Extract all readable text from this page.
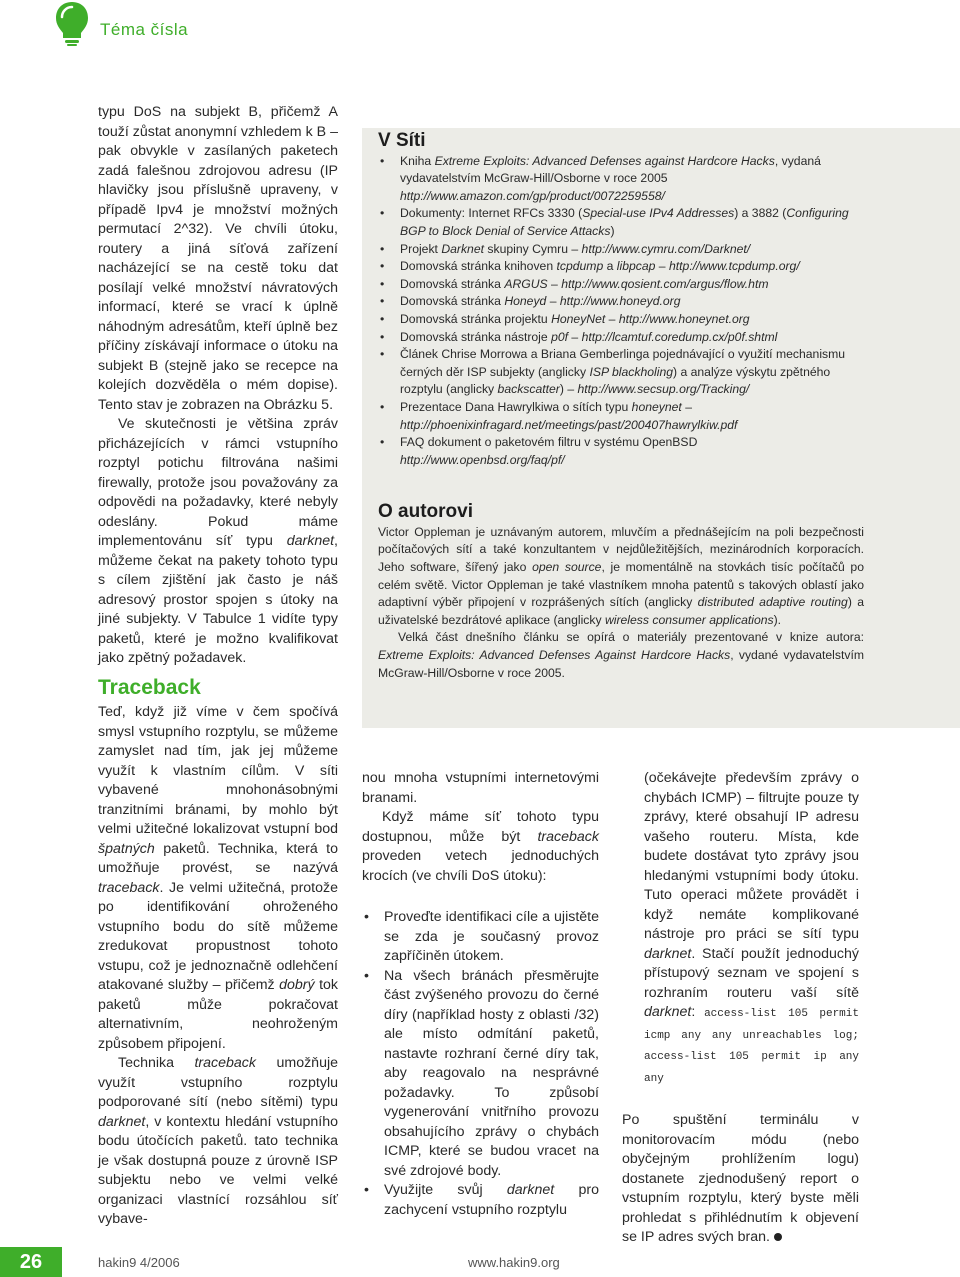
Téma čísla

typu DoS na subjekt B, přičemž A touží zůstat anonymní vzhledem k B – pak obvykle v zasílaných paketech zadá falešnou zdrojovou adresu (IP hlavičky jsou příslušně upraveny, v případě Ipv4 je množství možných permutací 2^32). Ve chvíli útoku, routery a jiná síťová zařízení nacházející se na cestě toku dat posílají velké množství návratových informací, které se vrací k úplně náhodným adresátům, kteří úplně bez příčiny získávají informace o útoku na subjekt B (stejně jako se recepce na kolejích dozvěděla o mém dopise). Tento stav je zobrazen na Obrázku 5.

Ve skutečnosti je většina zpráv přicházejících v rámci vstupního rozptyl potichu filtrována našimi firewally, protože jsou považovány za odpovědi na požadavky, které nebyly odeslány. Pokud máme implementovánu síť typu darknet, můžeme čekat na pakety tohoto typu s cílem zjištění jak často je náš adresový prostor spojen s útoky na jiné subjekty. V Tabulce 1 vidíte typy paketů, které je možno kvalifikovat jako zpětný požadavek.

Traceback

Teď, když již víme v čem spočívá smysl vstupního rozptylu, se můžeme zamyslet nad tím, jak jej můžeme využít k vlastním cílům. V síti vybavené mnohonásobnými tranzitními bránami, by mohlo být velmi užitečné lokalizovat vstupní bod špatných paketů. Technika, která to umožňuje provést, se nazývá traceback. Je velmi užitečná, protože po identifikování ohroženého vstupního bodu do sítě můžeme zredukovat propustnost tohoto vstupu, což je jednoznačně odlehčení atakované služby – přičemž dobrý tok paketů může pokračovat alternativním, neohroženým způsobem připojení.

Technika traceback umožňuje využít vstupního rozptylu podporované sítí (nebo sítěmi) typu darknet, v kontextu hledání vstupního bodu útočících paketů. tato technika je však dostupná pouze z úrovně ISP subjektu nebo ve velmi velké organizaci vlastnící rozsáhlou síť vybave-

V Síti
• Kniha Extreme Exploits: Advanced Defenses against Hardcore Hacks, vydaná vydavatelstvím McGraw-Hill/Osborne v roce 2005 http://www.amazon.com/gp/product/0072259558/
• Dokumenty: Internet RFCs 3330 (Special-use IPv4 Addresses) a 3882 (Configuring BGP to Block Denial of Service Attacks)
• Projekt Darknet skupiny Cymru – http://www.cymru.com/Darknet/
• Domovská stránka knihoven tcpdump a libpcap – http://www.tcpdump.org/
• Domovská stránka ARGUS – http://www.qosient.com/argus/flow.htm
• Domovská stránka Honeyd – http://www.honeyd.org
• Domovská stránka projektu HoneyNet – http://www.honeynet.org
• Domovská stránka nástroje p0f – http://lcamtuf.coredump.cx/p0f.shtml
• Článek Chrise Morrowa a Briana Gemberlinga pojednávající o využití mechanismu černých děr ISP subjekty (anglicky ISP blackholing) a analýze výskytu zpětného rozptylu (anglicky backscatter) – http://www.secsup.org/Tracking/
• Prezentace Dana Hawrylkiwa o sítích typu honeynet – http://phoenixinfragard.net/meetings/past/200407hawrylkiw.pdf
• FAQ dokument o paketovém filtru v systému OpenBSD http://www.openbsd.org/faq/pf/
O autorovi

Victor Oppleman je uznávaným autorem, mluvčím a přednášejícím na poli bezpečnosti počítačových sítí a také konzultantem v nejdůležitějších, mezinárodních korporacích. Jeho software, šířený jako open source, je momentálně na stovkách tisíc počítačů po celém světě. Victor Oppleman je také vlastníkem mnoha patentů s takových oblastí jako adaptivní výběr připojení v rozprášených sítích (anglicky distributed adaptive routing) a uživatelské bezdrátové aplikace (anglicky wireless consumer applications).

Velká část dnešního článku se opírá o materiály prezentované v knize autora: Extreme Exploits: Advanced Defenses Against Hardcore Hacks, vydané vydavatelstvím McGraw-Hill/Osborne v roce 2005.

nou mnoha vstupními internetovými branami.

Když máme síť tohoto typu dostupnou, může být traceback proveden vetech jednoduchých krocích (ve chvíli DoS útoku):

• Proveďte identifikaci cíle a ujistěte se zda je současný provoz zapříčiněn útokem.
• Na všech bránách přesměrujte část zvýšeného provozu do černé díry (například hosty z oblasti /32) ale místo odmítání paketů, nastavte rozhraní černé díry tak, aby reagovalo na nesprávné požadavky. To způsobí vygenerování vnitřního provozu obsahujícího zprávy o chybách ICMP, které se budou vracet na své zdrojové body.
• Využijte svůj darknet pro zachycení vstupního rozptylu

(očekávejte především zprávy o chybách ICMP) – filtrujte pouze ty zprávy, které obsahují IP adresu vašeho routeru. Místa, kde budete dostávat tyto zprávy jsou hledanými vstupními body útoku. Tuto operaci můžete provádět i když nemáte komplikované nástroje pro práci se sítí typu darknet. Stačí použít jednoduchý přístupový seznam ve spojení s rozhraním routeru vaší sítě darknet: access-list 105 permit icmp any any unreachables log; access-list 105 permit ip any any

Po spuštění terminálu v monitorovacím módu (nebo obyčejným prohlížením logu) dostanete zjednodušený report o vstupním rozptylu, který byste měli prohledat s přihlédnutím k objevení se IP adres svých bran.

26	hakin9 4/2006	www.hakin9.org
